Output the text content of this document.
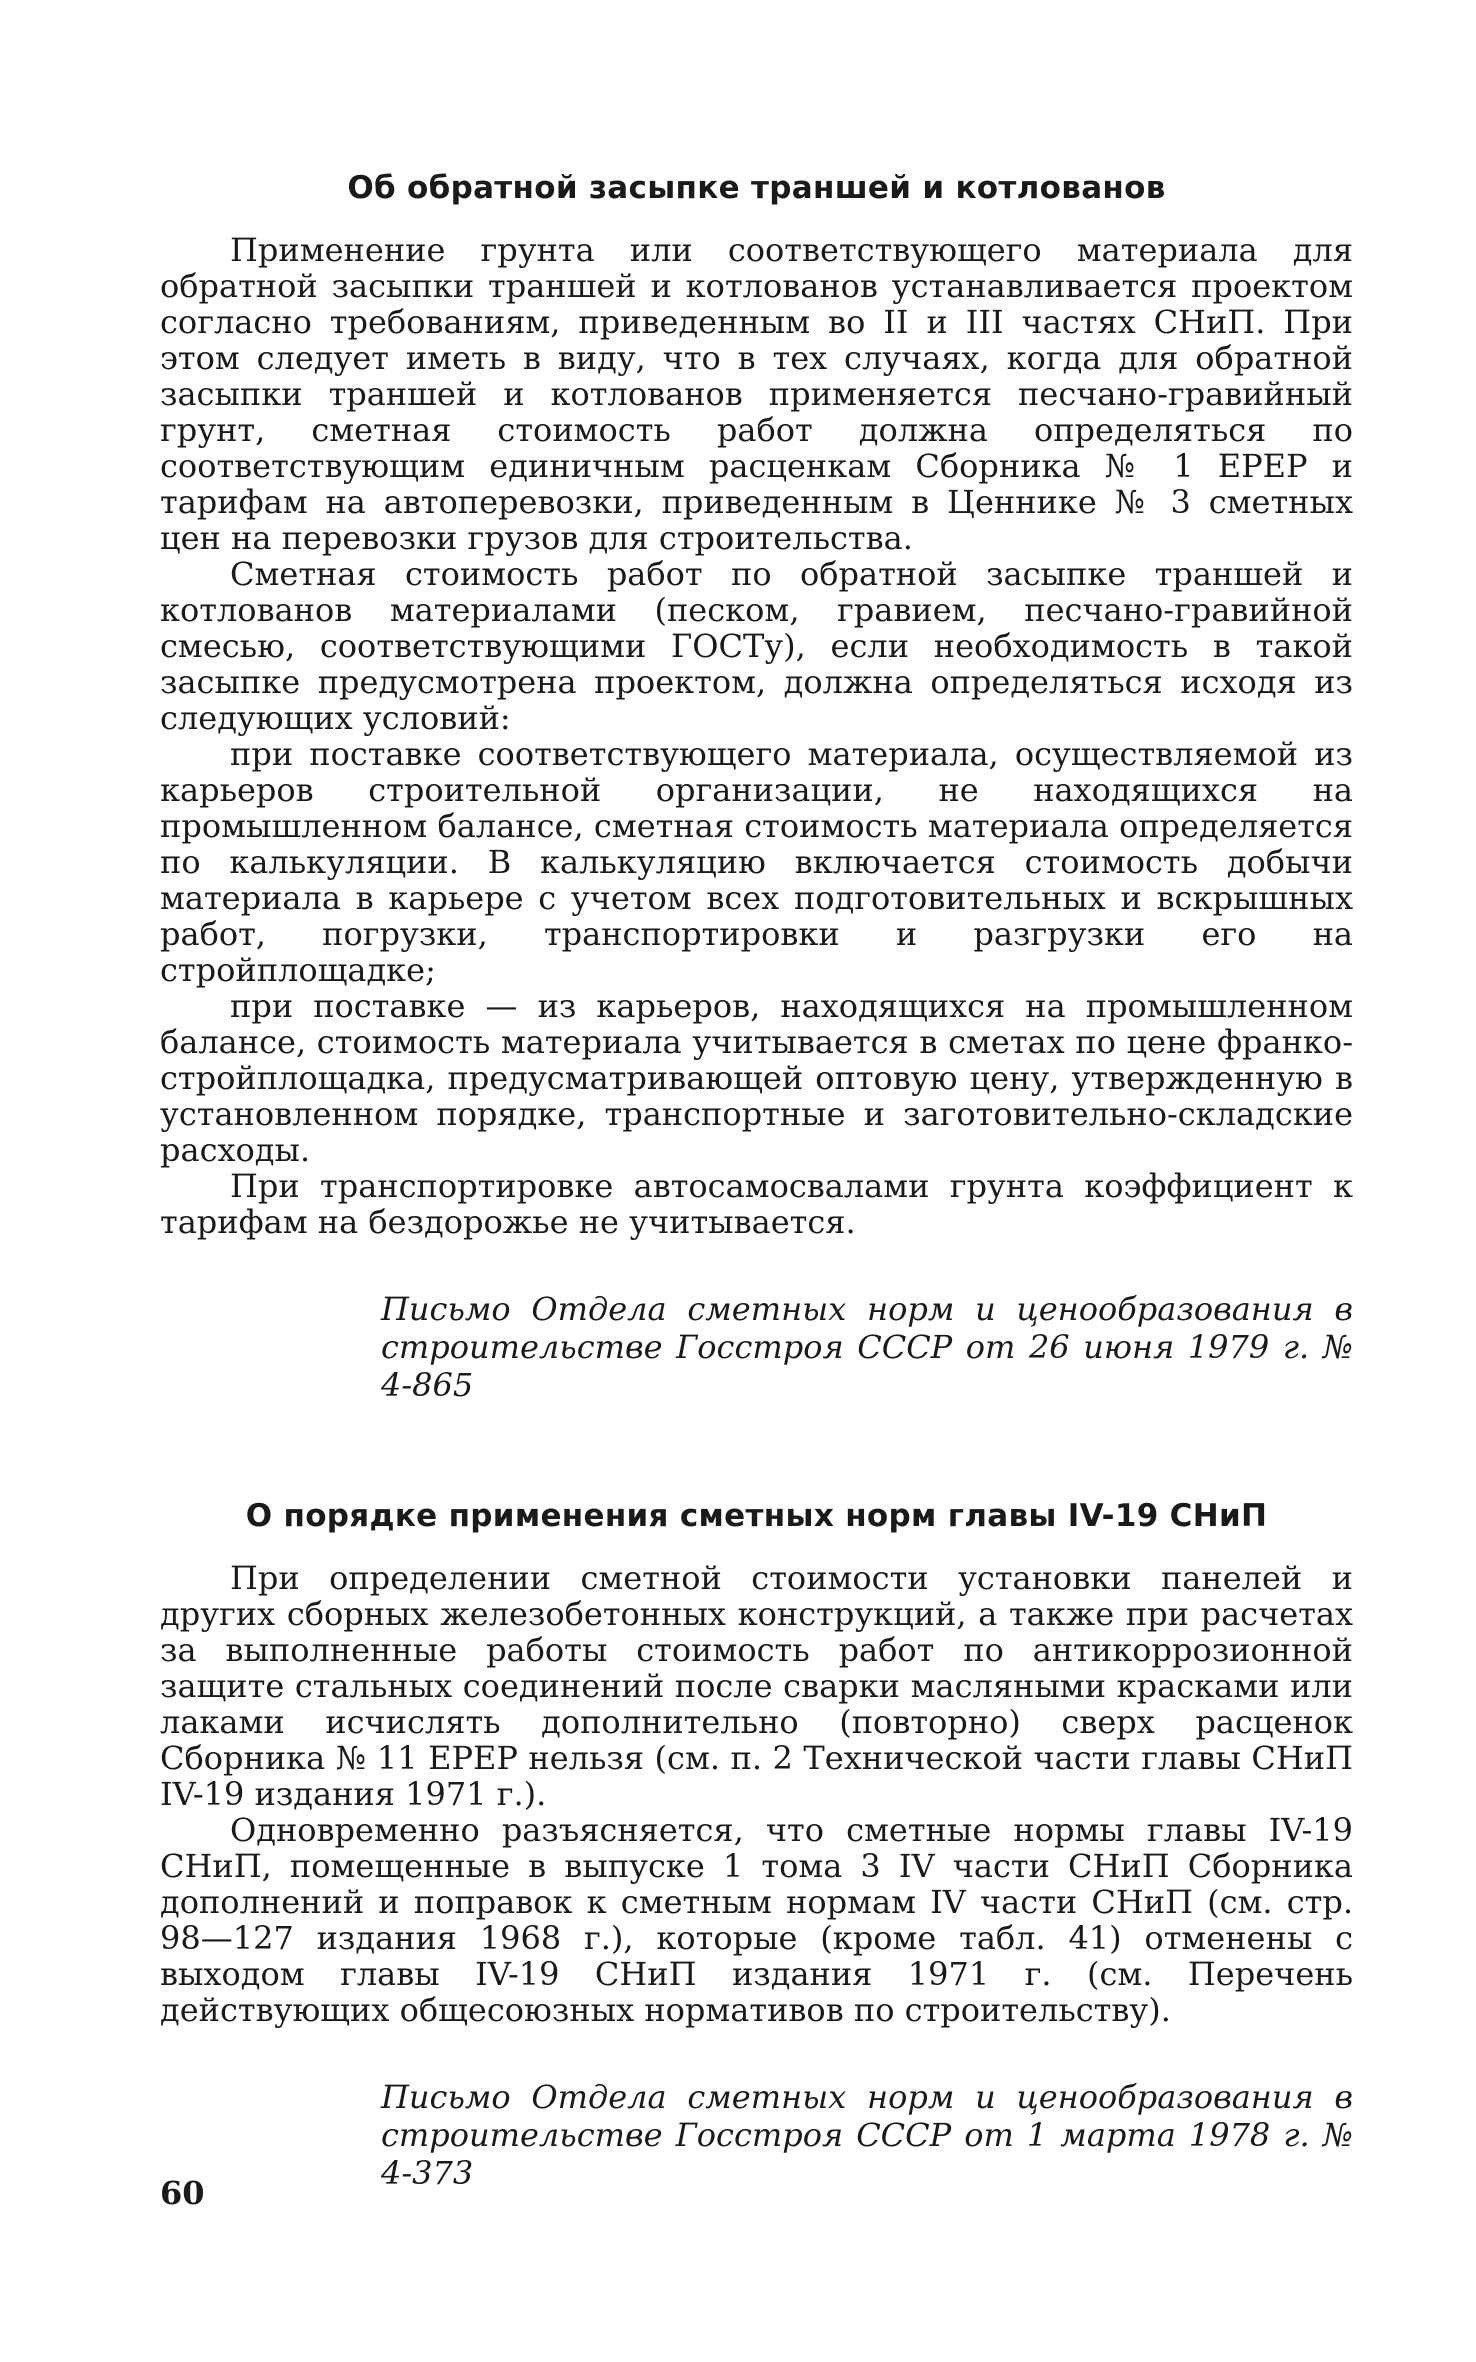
Об обратной засыпке траншей и котлованов

Применение грунта или соответствующего материала для обратной засыпки траншей и котлованов устанавливается проектом согласно требованиям, приведенным во II и III частях СНиП. При этом следует иметь в виду, что в тех случаях, когда для обратной засыпки траншей и котлованов применяется песчано-гравийный грунт, сметная стоимость работ должна определяться по соответствующим единичным расценкам Сборника № 1 ЕРЕР и тарифам на автоперевозки, приведенным в Ценнике № 3 сметных цен на перевозки грузов для строительства.

Сметная стоимость работ по обратной засыпке траншей и котлованов материалами (песком, гравием, песчано-гравийной смесью, соответствующими ГОСТу), если необходимость в такой засыпке предусмотрена проектом, должна определяться исходя из следующих условий:

при поставке соответствующего материала, осуществляемой из карьеров строительной организации, не находящихся на промышленном балансе, сметная стоимость материала определяется по калькуляции. В калькуляцию включается стоимость добычи материала в карьере с учетом всех подготовительных и вскрышных работ, погрузки, транспортировки и разгрузки его на стройплощадке;

при поставке — из карьеров, находящихся на промышленном балансе, стоимость материала учитывается в сметах по цене франко-стройплощадка, предусматривающей оптовую цену, утвержденную в установленном порядке, транспортные и заготовительно-складские расходы.

При транспортировке автосамосвалами грунта коэффициент к тарифам на бездорожье не учитывается.

Письмо Отдела сметных норм и ценообразования в строительстве Госстроя СССР от 26 июня 1979 г. № 4-865

О порядке применения сметных норм главы IV-19 СНиП

При определении сметной стоимости установки панелей и других сборных железобетонных конструкций, а также при расчетах за выполненные работы стоимость работ по антикоррозионной защите стальных соединений после сварки масляными красками или лаками исчислять дополнительно (повторно) сверх расценок Сборника № 11 ЕРЕР нельзя (см. п. 2 Технической части главы СНиП IV-19 издания 1971 г.).

Одновременно разъясняется, что сметные нормы главы IV-19 СНиП, помещенные в выпуске 1 тома 3 IV части СНиП Сборника дополнений и поправок к сметным нормам IV части СНиП (см. стр. 98—127 издания 1968 г.), которые (кроме табл. 41) отменены с выходом главы IV-19 СНиП издания 1971 г. (см. Перечень действующих общесоюзных нормативов по строительству).

Письмо Отдела сметных норм и ценообразования в строительстве Госстроя СССР от 1 марта 1978 г. № 4-373

60
